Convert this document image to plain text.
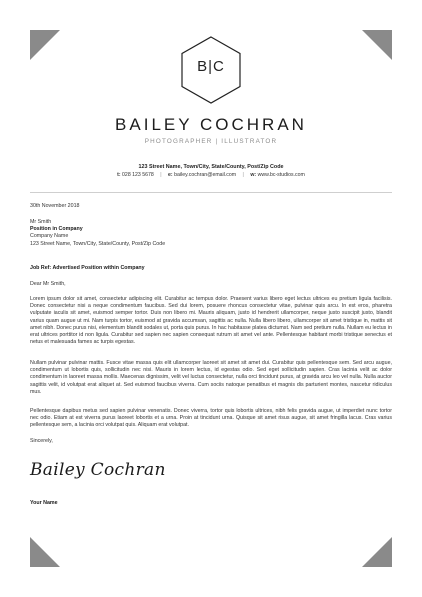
B|C
BAILEY COCHRAN
PHOTOGRAPHER | ILLUSTRATOR
123 Street Name, Town/City, State/County, Post/Zip Code
t: 028 123 5678 | e: bailey.cochran@email.com | w: www.bc-studios.com
30th November 2018
Mr Smith
Position in Company
Company Name
123 Street Name, Town/City, State/County, Post/Zip Code
Job Ref: Advertised Position within Company
Dear Mr Smith,
Lorem ipsum dolor sit amet, consectetur adipiscing elit. Curabitur ac tempus dolor. Praesent varius libero eget lectus ultrices eu pretium ligula facilisis. Donec consectetur nisi a neque condimentum faucibus. Sed dui lorem, posuere rhoncus consectetur vitae, pulvinar quis arcu. In est eros, pharetra vulputate iaculis sit amet, euismod semper tortor. Duis non libero mi. Mauris aliquam, justo id hendrerit ullamcorper, neque justo suscipit justo, blandit varius quam augue ut mi. Nam turpis tortor, euismod at gravida accumsan, sagittis ac nulla. Nulla libero libero, ullamcorper sit amet tristique in, mattis sit amet nibh. Donec purus nisi, elementum blandit sodales ut, porta quis purus. In hac habitasse platea dictumst. Nam sed pretium nulla. Nullam eu lectus in erat ultrices porttitor id non ligula. Curabitur sed sapien nec sapien consequat rutrum sit amet vel ante. Pellentesque habitant morbi tristique senectus et netus et malesuada fames ac turpis egestas.
Nullam pulvinar pulvinar mattis. Fusce vitae massa quis elit ullamcorper laoreet sit amet sit amet dui. Curabitur quis pellentesque sem. Sed arcu augue, condimentum ut lobortis quis, sollicitudin nec nisi. Mauris in lorem lectus, id egestas odio. Sed eget sollicitudin sapien. Cras lacinia velit ac dolor condimentum in laoreet massa mollis. Maecenas dignissim, velit vel luctus consectetur, nulla orci tincidunt purus, at gravida arcu leo vel nulla. Nulla auctor sagittis velit, id volutpat erat aliquet at. Sed euismod faucibus viverra. Cum sociis natoque penatibus et magnis dis parturient montes, nascetur ridiculus mus.
Pellentesque dapibus metus sed sapien pulvinar venenatis. Donec viverra, tortor quis lobortis ultrices, nibh felis gravida augue, ut imperdiet nunc tortor nec odio. Etiam at est viverra purus laoreet lobortis et a urna. Proin at tincidunt urna. Quisque sit amet risus augue, sit amet fringilla lacus. Cras varius pellentesque sem, a lacinia orci volutpat quis. Aliquam erat volutpat.
Sincerely,
Bailey Cochran
Your Name
